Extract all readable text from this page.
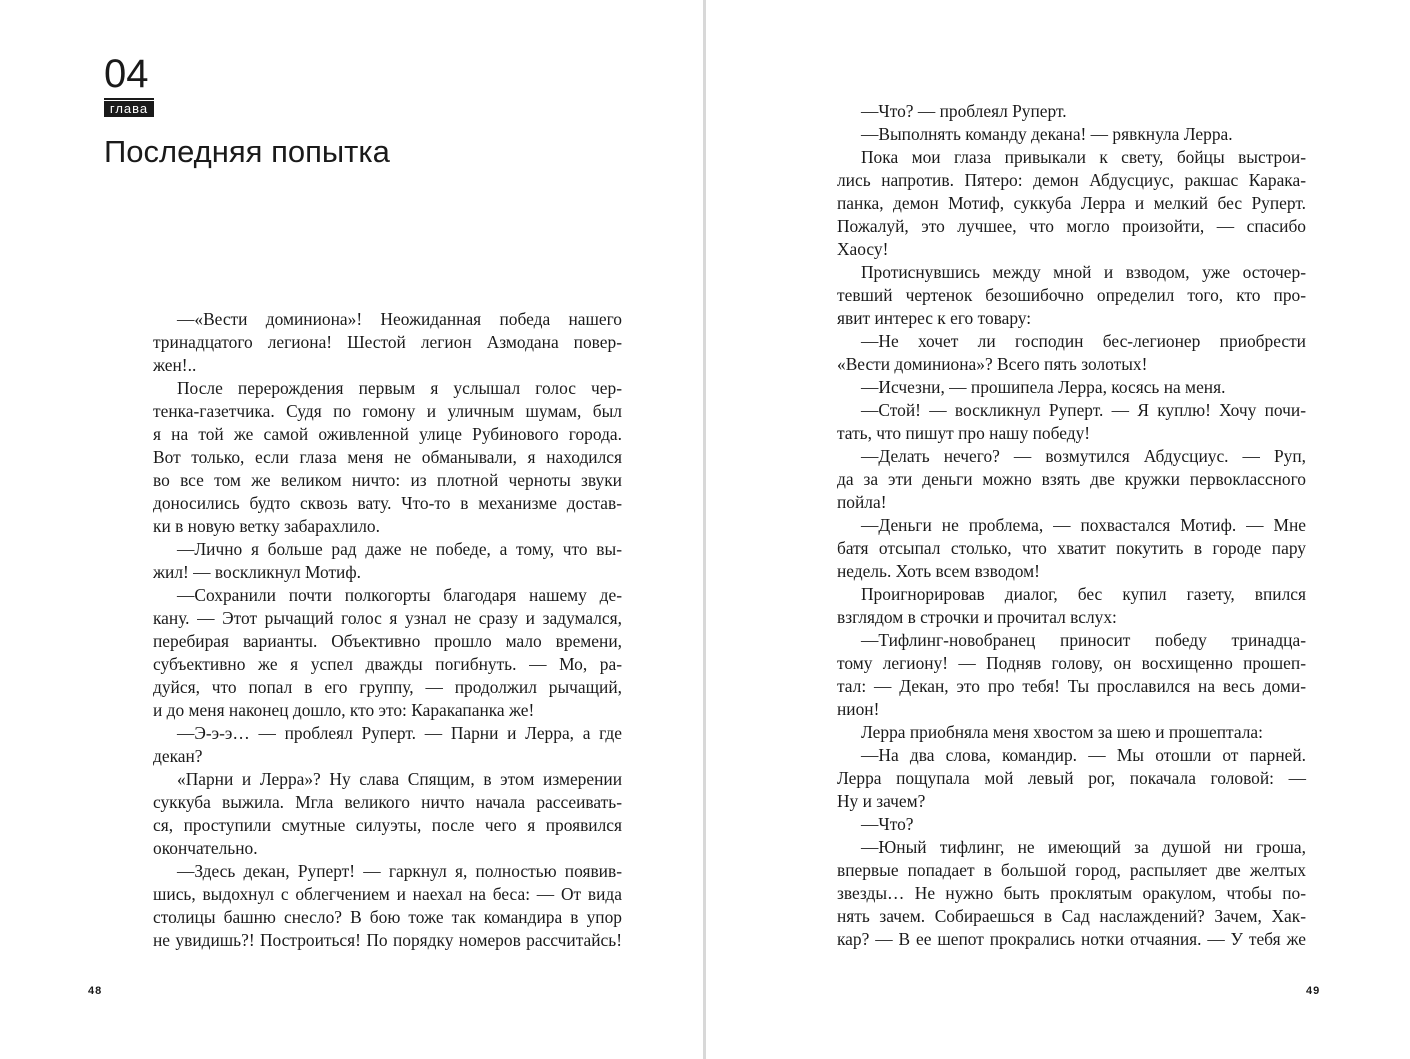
04
глава
Последняя попытка
—«Вести доминиона»! Неожиданная победа нашего
тринадцатого легиона! Шестой легион Азмодана повер-
жен!..
После перерождения первым я услышал голос чер-
тенка-газетчика. Судя по гомону и уличным шумам, был
я на той же самой оживленной улице Рубинового города.
Вот только, если глаза меня не обманывали, я находился
во все том же великом ничто: из плотной черноты звуки
доносились будто сквозь вату. Что-то в механизме достав-
ки в новую ветку забарахлило.
—Лично я больше рад даже не победе, а тому, что вы-
жил! — воскликнул Мотиф.
—Сохранили почти полкогорты благодаря нашему де-
кану. — Этот рычащий голос я узнал не сразу и задумался,
перебирая варианты. Объективно прошло мало времени,
субъективно же я успел дважды погибнуть. — Мо, ра-
дуйся, что попал в его группу, — продолжил рычащий,
и до меня наконец дошло, кто это: Каракапанка же!
—Э-э-э… — проблеял Руперт. — Парни и Лерра, а где
декан?
«Парни и Лерра»? Ну слава Спящим, в этом измерении
суккуба выжила. Мгла великого ничто начала рассеивать-
ся, проступили смутные силуэты, после чего я проявился
окончательно.
—Здесь декан, Руперт! — гаркнул я, полностью появив-
шись, выдохнул с облегчением и наехал на беса: — От вида
столицы башню снесло? В бою тоже так командира в упор
не увидишь?! Построиться! По порядку номеров рассчитайсь!
48
—Что? — проблеял Руперт.
—Выполнять команду декана! — рявкнула Лерра.
Пока мои глаза привыкали к свету, бойцы выстрои-
лись напротив. Пятеро: демон Абдусциус, ракшас Карака-
панка, демон Мотиф, суккуба Лерра и мелкий бес Руперт.
Пожалуй, это лучшее, что могло произойти, — спасибо
Хаосу!
Протиснувшись между мной и взводом, уже осточер-
тевший чертенок безошибочно определил того, кто про-
явит интерес к его товару:
—Не хочет ли господин бес-легионер приобрести
«Вести доминиона»? Всего пять золотых!
—Исчезни, — прошипела Лерра, косясь на меня.
—Стой! — воскликнул Руперт. — Я куплю! Хочу почи-
тать, что пишут про нашу победу!
—Делать нечего? — возмутился Абдусциус. — Руп,
да за эти деньги можно взять две кружки первоклассного
пойла!
—Деньги не проблема, — похвастался Мотиф. — Мне
батя отсыпал столько, что хватит покутить в городе пару
недель. Хоть всем взводом!
Проигнорировав диалог, бес купил газету, впился
взглядом в строчки и прочитал вслух:
—Тифлинг-новобранец приносит победу тринадца-
тому легиону! — Подняв голову, он восхищенно прошеп-
тал: — Декан, это про тебя! Ты прославился на весь доми-
нион!
Лерра приобняла меня хвостом за шею и прошептала:
—На два слова, командир. — Мы отошли от парней.
Лерра пощупала мой левый рог, покачала головой: —
Ну и зачем?
—Что?
—Юный тифлинг, не имеющий за душой ни гроша,
впервые попадает в большой город, распыляет две желтых
звезды… Не нужно быть проклятым оракулом, чтобы по-
нять зачем. Собираешься в Сад наслаждений? Зачем, Хак-
кар? — В ее шепот прокрались нотки отчаяния. — У тебя же
49
